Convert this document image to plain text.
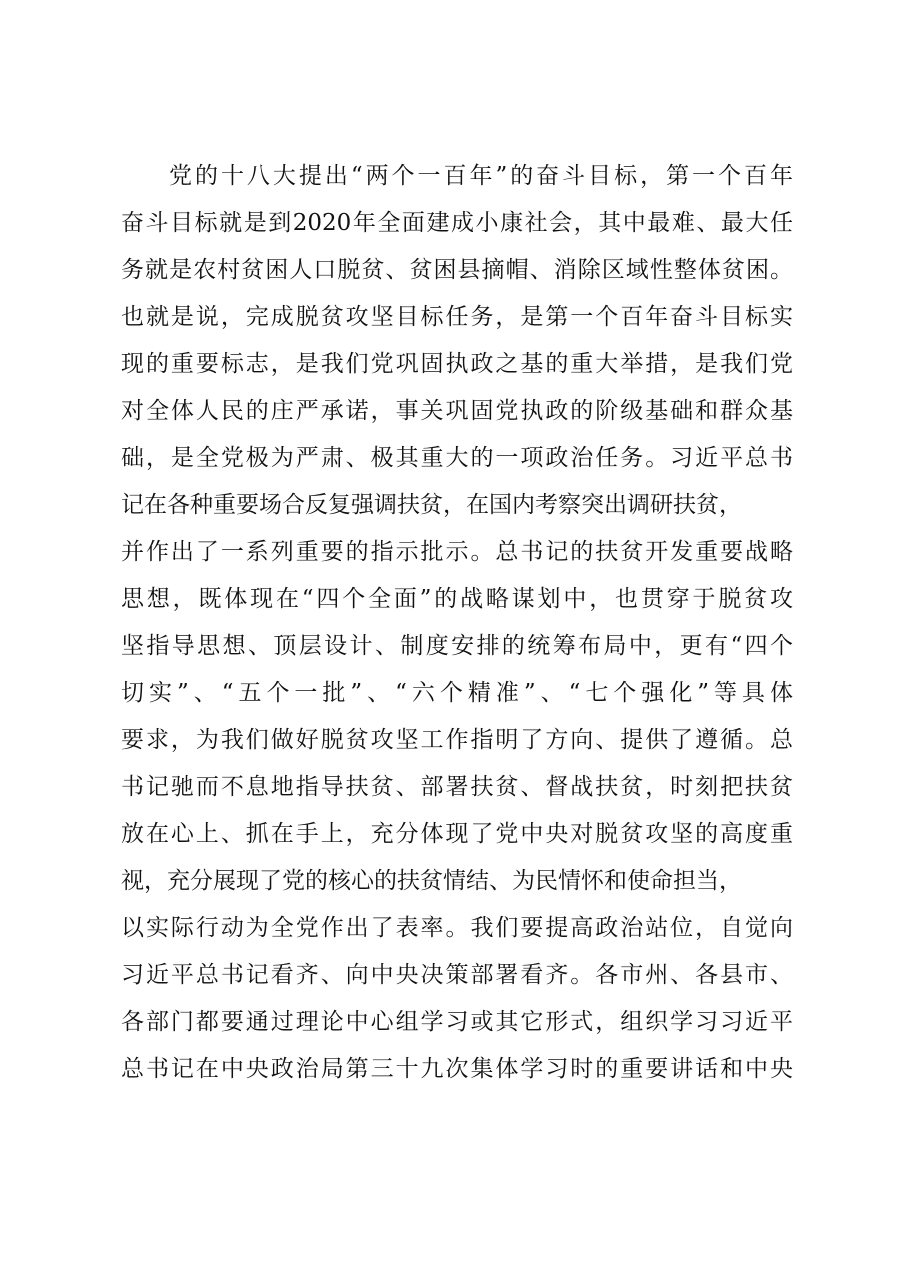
党的十八大提出“两个一百年”的奋斗目标，第一个百年
奋斗目标就是到2020年全面建成小康社会，其中最难、最大任
务就是农村贫困人口脱贫、贫困县摘帽、消除区域性整体贫困。
也就是说，完成脱贫攻坚目标任务，是第一个百年奋斗目标实
现的重要标志，是我们党巩固执政之基的重大举措，是我们党
对全体人民的庄严承诺，事关巩固党执政的阶级基础和群众基
础，是全党极为严肃、极其重大的一项政治任务。习近平总书
记在各种重要场合反复强调扶贫，在国内考察突出调研扶贫，
并作出了一系列重要的指示批示。总书记的扶贫开发重要战略
思想，既体现在“四个全面”的战略谋划中，也贯穿于脱贫攻
坚指导思想、顶层设计、制度安排的统筹布局中，更有“四个
切实”、“五个一批”、“六个精准”、“七个强化”等具体
要求，为我们做好脱贫攻坚工作指明了方向、提供了遵循。总
书记驰而不息地指导扶贫、部署扶贫、督战扶贫，时刻把扶贫
放在心上、抓在手上，充分体现了党中央对脱贫攻坚的高度重
视，充分展现了党的核心的扶贫情结、为民情怀和使命担当，
以实际行动为全党作出了表率。我们要提高政治站位，自觉向
习近平总书记看齐、向中央决策部署看齐。各市州、各县市、
各部门都要通过理论中心组学习或其它形式，组织学习习近平
总书记在中央政治局第三十九次集体学习时的重要讲话和中央
